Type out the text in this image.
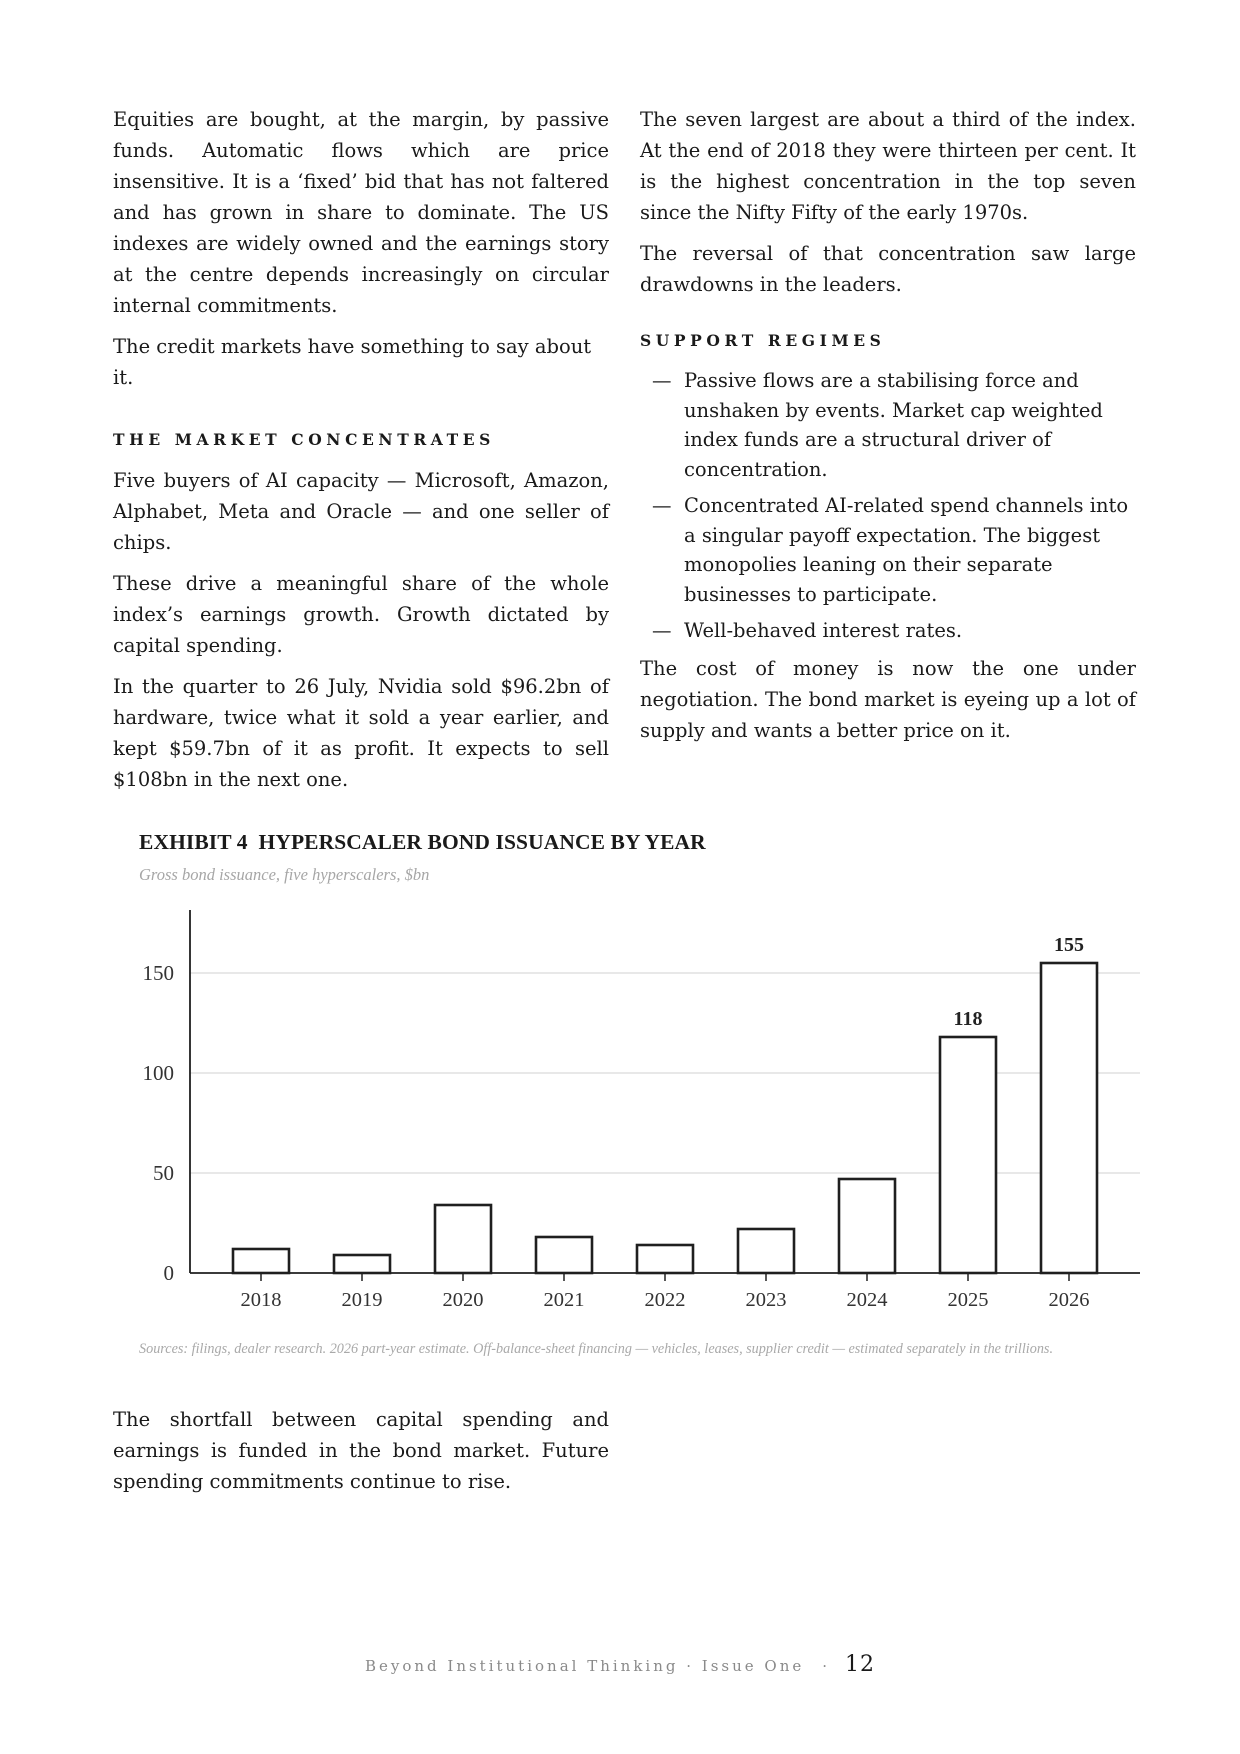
Equities are bought, at the margin, by passive funds. Automatic flows which are price insensitive. It is a ‘fixed’ bid that has not faltered and has grown in share to dominate. The US indexes are widely owned and the earnings story at the centre depends increasingly on circular internal commitments.

The credit markets have something to say about it.

THE MARKET CONCENTRATES

Five buyers of AI capacity — Microsoft, Amazon, Alphabet, Meta and Oracle — and one seller of chips.

These drive a meaningful share of the whole index’s earnings growth. Growth dictated by capital spending.

In the quarter to 26 July, Nvidia sold $96.2bn of hardware, twice what it sold a year earlier, and kept $59.7bn of it as profit. It expects to sell $108bn in the next one.

The seven largest are about a third of the index. At the end of 2018 they were thirteen per cent. It is the highest concentration in the top seven since the Nifty Fifty of the early 1970s.

The reversal of that concentration saw large drawdowns in the leaders.

SUPPORT REGIMES
— Passive flows are a stabilising force and unshaken by events. Market cap weighted index funds are a structural driver of concentration.
— Concentrated AI-related spend channels into a singular payoff expectation. The biggest monopolies leaning on their separate businesses to participate.
— Well-behaved interest rates.

The cost of money is now the one under negotiation. The bond market is eyeing up a lot of supply and wants a better price on it.

EXHIBIT 4 HYPERSCALER BOND ISSUANCE BY YEAR
Gross bond issuance, five hyperscalers, $bn
0
50
100
150
2018	2019	2020	2021	2022	2023	2024	2025
118
2026
155
Sources: filings, dealer research. 2026 part-year estimate. Off-balance-sheet financing — vehicles, leases, supplier credit — estimated separately in the trillions.

The shortfall between capital spending and earnings is funded in the bond market. Future spending commitments continue to rise.

Beyond Institutional Thinking · Issue One · 12
